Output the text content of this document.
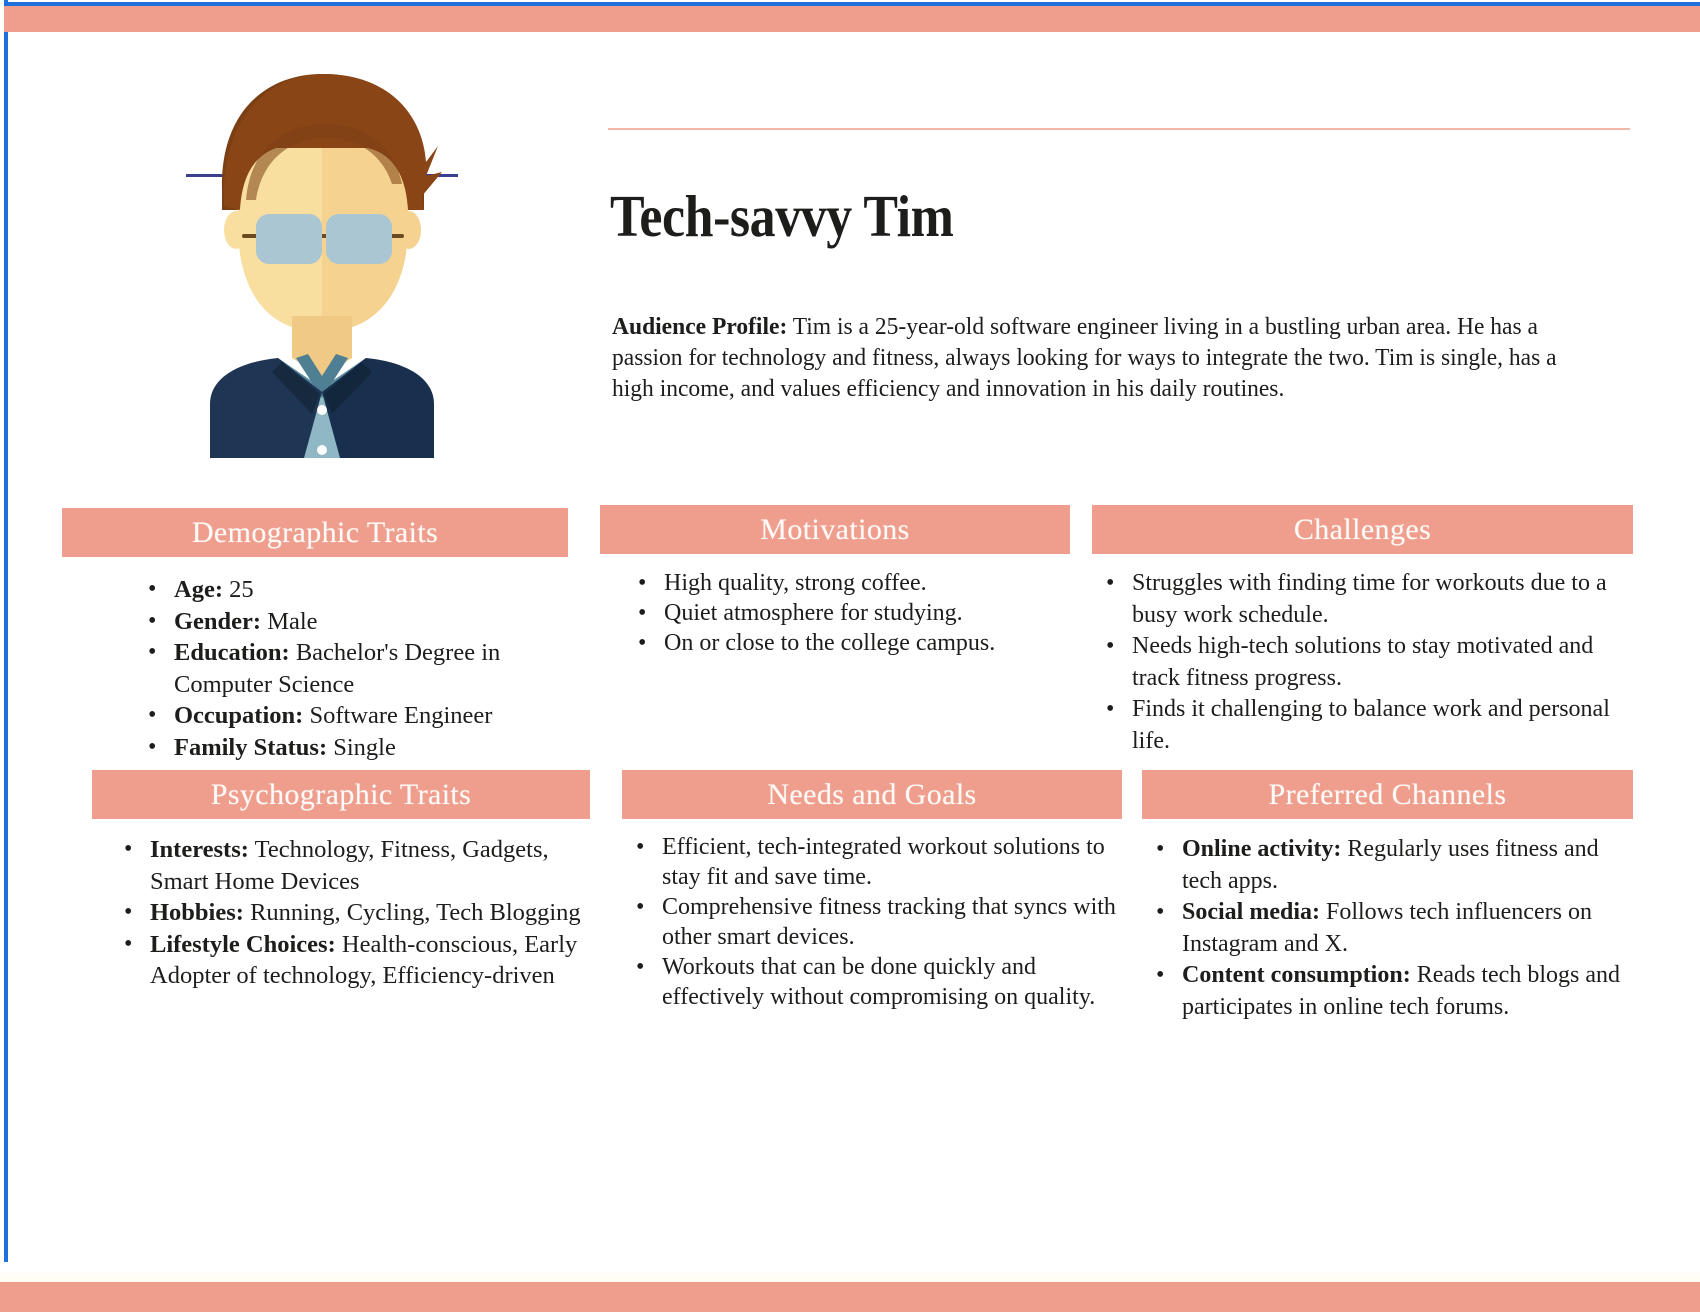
Tech-savvy Tim
Audience Profile: Tim is a 25-year-old software engineer living in a bustling urban area. He has a passion for technology and fitness, always looking for ways to integrate the two. Tim is single, has a high income, and values efficiency and innovation in his daily routines.
Demographic Traits
• Age: 25
• Gender: Male
• Education: Bachelor's Degree in Computer Science
• Occupation: Software Engineer
• Family Status: Single
Motivations
• High quality, strong coffee.
• Quiet atmosphere for studying.
• On or close to the college campus.
Challenges
• Struggles with finding time for workouts due to a busy work schedule.
• Needs high-tech solutions to stay motivated and track fitness progress.
• Finds it challenging to balance work and personal life.
Psychographic Traits
• Interests: Technology, Fitness, Gadgets, Smart Home Devices
• Hobbies: Running, Cycling, Tech Blogging
• Lifestyle Choices: Health-conscious, Early Adopter of technology, Efficiency-driven
Needs and Goals
• Efficient, tech-integrated workout solutions to stay fit and save time.
• Comprehensive fitness tracking that syncs with other smart devices.
• Workouts that can be done quickly and effectively without compromising on quality.
Preferred Channels
• Online activity: Regularly uses fitness and tech apps.
• Social media: Follows tech influencers on Instagram and X.
• Content consumption: Reads tech blogs and participates in online tech forums.
